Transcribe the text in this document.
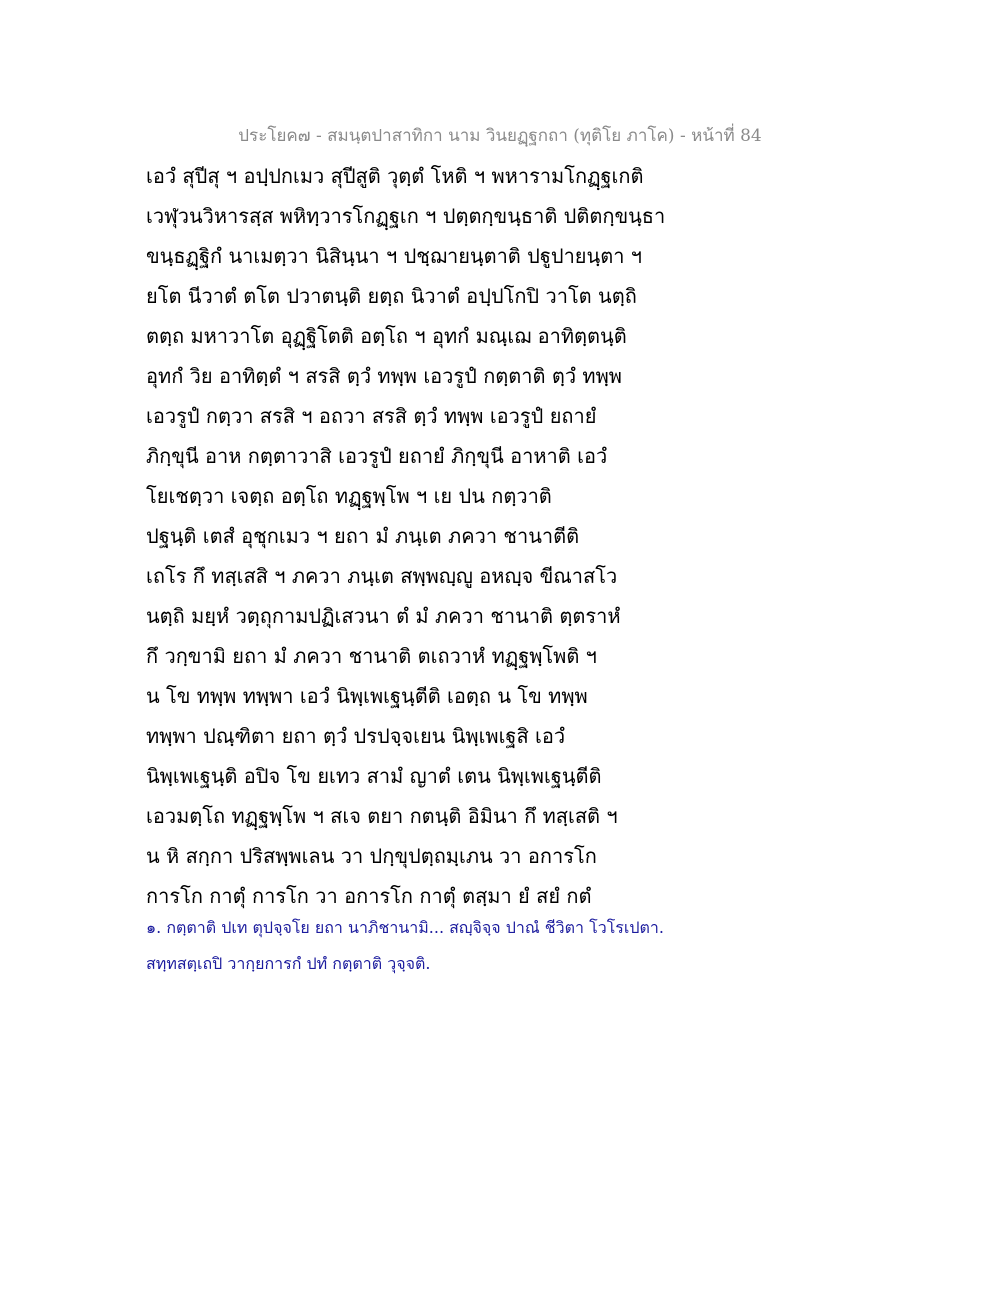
ประโยค๗ - สมนฺตปาสาทิกา นาม วินยฏฺฐกถา (ทุติโย ภาโค) - หน้าที่ 84
เอวํ สุปีสุ ฯ อปฺปกเมว สุปีสูติ วุตฺตํ โหติ ฯ พหารามโกฏฺฐเกติ
เวฬุวนวิหารสฺส พหิทฺวารโกฏฺฐเก ฯ ปตฺตกฺขนฺธาติ ปติตกฺขนฺธา
ขนฺธฏฺฐิกํ นาเมตฺวา นิสินฺนา ฯ ปชฺฌายนฺตาติ ปฐูปายนฺตา ฯ
ยโต นีวาตํ ตโต ปวาตนฺติ ยตฺถ นิวาตํ อปฺปโกปิ วาโต นตฺถิ
ตตฺถ มหาวาโต อุฏฺฐิโตติ อตฺโถ ฯ อุทกํ มณฺเฌ อาทิตฺตนฺติ
อุทกํ วิย อาทิตฺตํ ฯ สรสิ ตฺวํ ทพฺพ เอวรูปํ กตฺตาติ ตฺวํ ทพฺพ
เอวรูปํ กตฺวา สรสิ ฯ อถวา สรสิ ตฺวํ ทพฺพ เอวรูปํ ยถายํ
ภิกฺขุนี อาห กตฺตาวาสิ เอวรูปํ ยถายํ ภิกฺขุนี อาหาติ เอวํ
โยเชตฺวา เจตฺถ อตฺโถ ทฏฺฐพฺโพ ฯ เย ปน กตฺวาติ
ปฐนฺติ เตสํ อุชุกเมว ฯ ยถา มํ ภนฺเต ภควา ชานาตีติ
เถโร กึ ทสฺเสสิ ฯ ภควา ภนฺเต สพฺพญฺญู อหญฺจ ขีณาสโว
นตฺถิ มยฺหํ วตฺถุกามปฏิเสวนา ตํ มํ ภควา ชานาติ ตฺตราหํ
กึ วกฺขามิ ยถา มํ ภควา ชานาติ ตเถวาหํ ทฏฺฐพฺโพติ ฯ
น โข ทพฺพ ทพฺพา เอวํ นิพฺเพเฐนฺตีติ เอตฺถ น โข ทพฺพ
ทพฺพา ปณฺฑิตา ยถา ตฺวํ ปรปจฺจเยน นิพฺเพเฐสิ เอวํ
นิพฺเพเฐนฺติ อปิจ โข ยเทว สามํ ญาตํ เตน นิพฺเพเฐนฺตีติ
เอวมตฺโถ ทฏฺฐพฺโพ ฯ สเจ ตยา กตนฺติ อิมินา กึ ทสฺเสติ ฯ
น หิ สกฺกา ปริสพฺพเลน วา ปกฺขุปตฺถมฺเภน วา อการโก
การโก กาตุํ การโก วา อการโก กาตุํ ตสฺมา ยํ สยํ กตํ
๑. กตฺตาติ ปเท ตุปจฺจโย ยถา นาภิชานามิ... สญฺจิจฺจ ปาณํ ชีวิตา โวโรเปตา.
สทฺทสตฺเถปิ วากฺยการกํ ปทํ กตฺตาติ วุจฺจติ.
